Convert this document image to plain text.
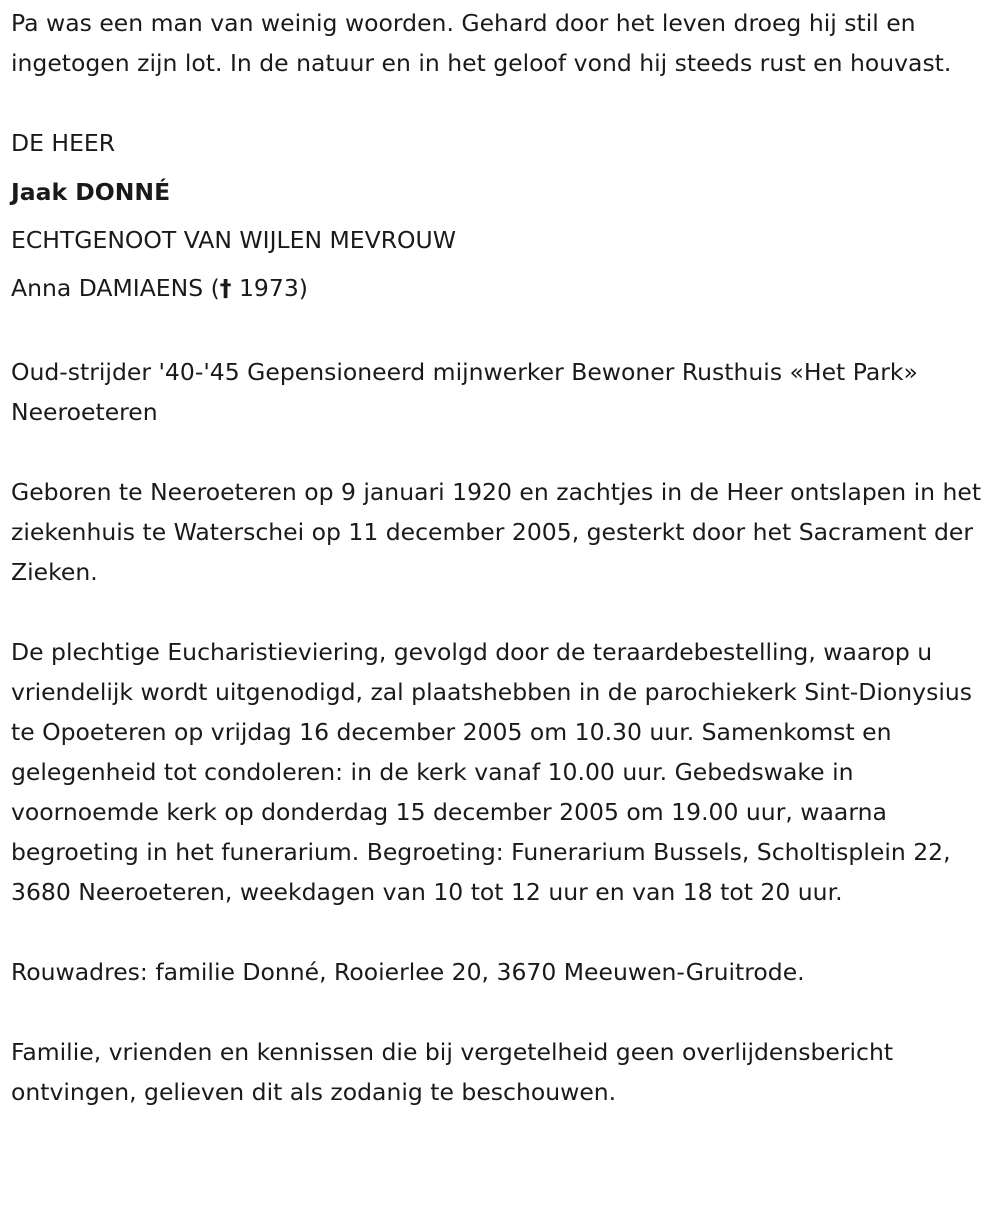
Pa was een man van weinig woorden. Gehard door het leven droeg hij stil en ingetogen zijn lot. In de natuur en in het geloof vond hij steeds rust en houvast.

DE HEER
Jaak DONNÉ
ECHTGENOOT VAN WIJLEN MEVROUW
Anna DAMIAENS († 1973)

Oud-strijder '40-'45 Gepensioneerd mijnwerker Bewoner Rusthuis «Het Park» Neeroeteren

Geboren te Neeroeteren op 9 januari 1920 en zachtjes in de Heer ontslapen in het ziekenhuis te Waterschei op 11 december 2005, gesterkt door het Sacrament der Zieken.

De plechtige Eucharistieviering, gevolgd door de teraardebestelling, waarop u vriendelijk wordt uitgenodigd, zal plaatshebben in de parochiekerk Sint-Dionysius te Opoeteren op vrijdag 16 december 2005 om 10.30 uur. Samenkomst en gelegenheid tot condoleren: in de kerk vanaf 10.00 uur. Gebedswake in voornoemde kerk op donderdag 15 december 2005 om 19.00 uur, waarna begroeting in het funerarium. Begroeting: Funerarium Bussels, Scholtisplein 22, 3680 Neeroeteren, weekdagen van 10 tot 12 uur en van 18 tot 20 uur.

Rouwadres: familie Donné, Rooierlee 20, 3670 Meeuwen-Gruitrode.

Familie, vrienden en kennissen die bij vergetelheid geen overlijdensbericht ontvingen, gelieven dit als zodanig te beschouwen.
